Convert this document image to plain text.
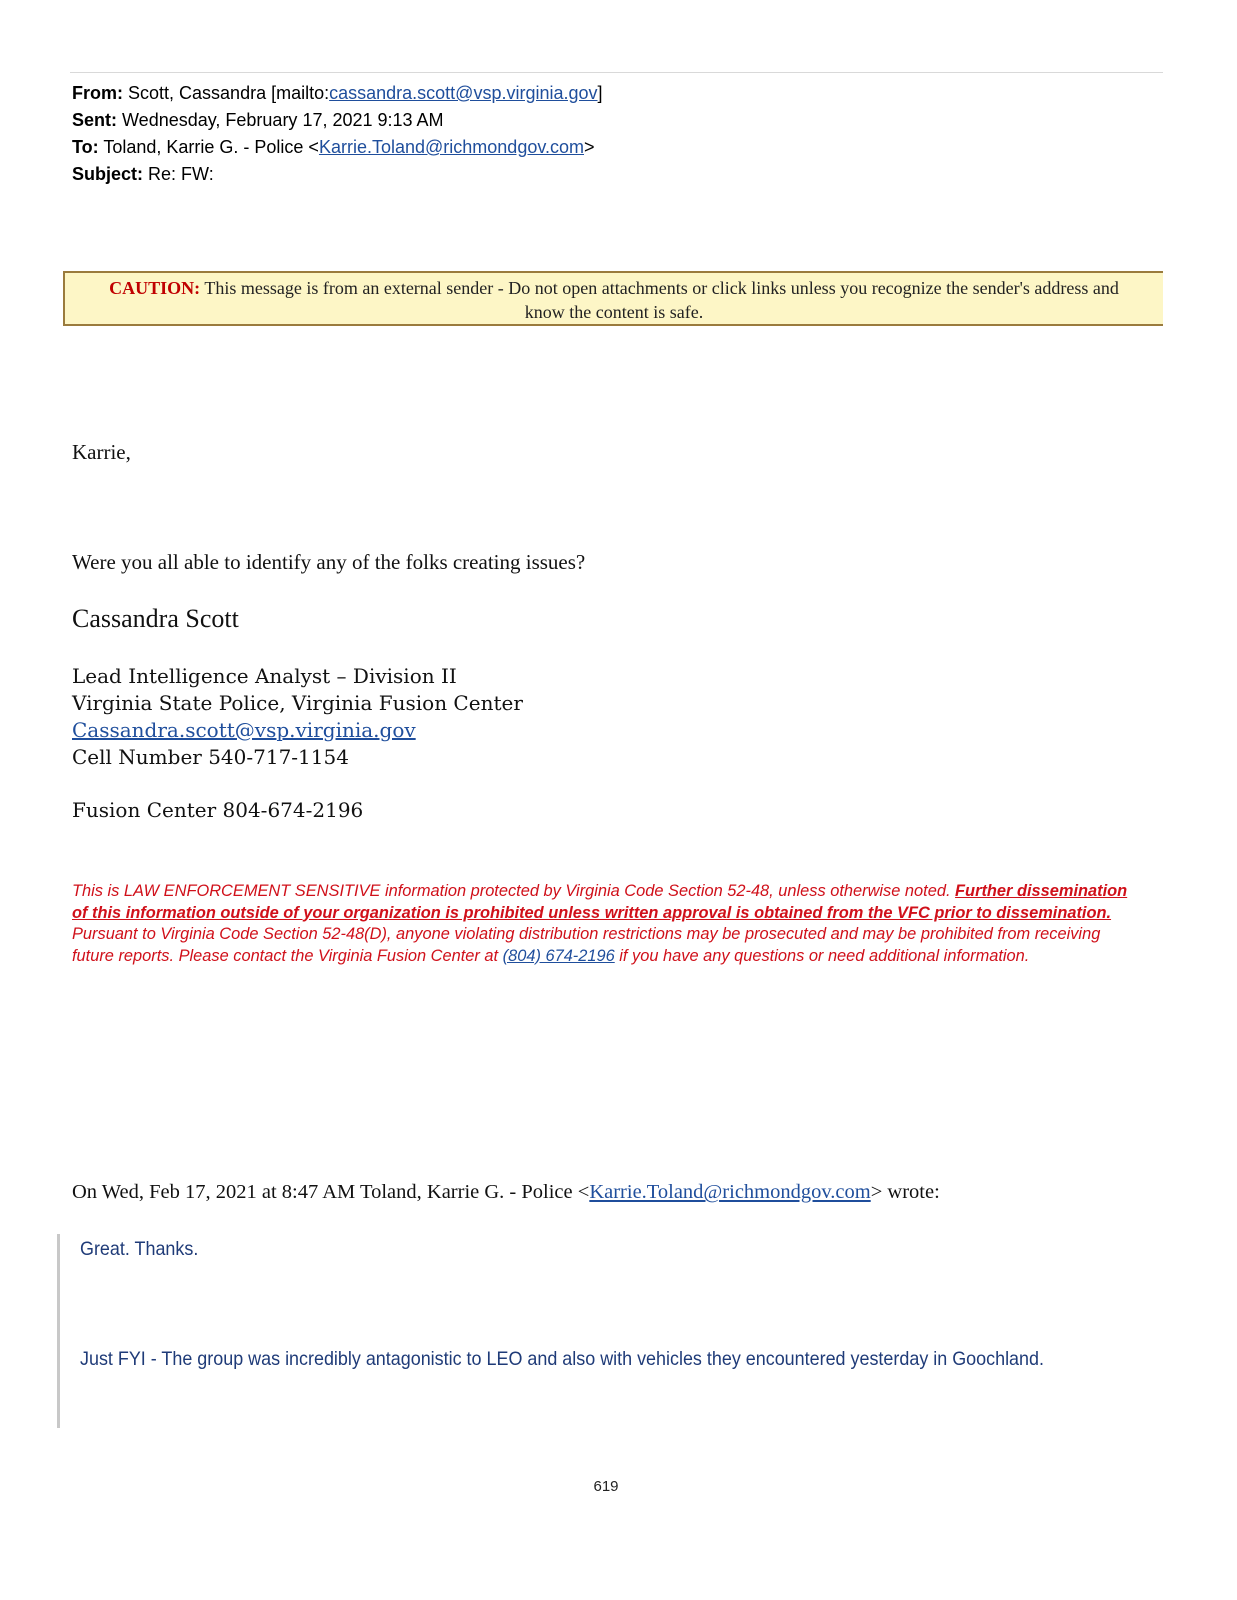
From: Scott, Cassandra [mailto:cassandra.scott@vsp.virginia.gov]
Sent: Wednesday, February 17, 2021 9:13 AM
To: Toland, Karrie G. - Police <Karrie.Toland@richmondgov.com>
Subject: Re: FW:
CAUTION: This message is from an external sender - Do not open attachments or click links unless you recognize the sender's address and know the content is safe.
Karrie,
Were you all able to identify any of the folks creating issues?
Cassandra Scott
Lead Intelligence Analyst – Division II
Virginia State Police, Virginia Fusion Center
Cassandra.scott@vsp.virginia.gov
Cell Number 540-717-1154
Fusion Center 804-674-2196
This is LAW ENFORCEMENT SENSITIVE information protected by Virginia Code Section 52-48, unless otherwise noted. Further dissemination of this information outside of your organization is prohibited unless written approval is obtained from the VFC prior to dissemination. Pursuant to Virginia Code Section 52-48(D), anyone violating distribution restrictions may be prosecuted and may be prohibited from receiving future reports. Please contact the Virginia Fusion Center at (804) 674-2196 if you have any questions or need additional information.
On Wed, Feb 17, 2021 at 8:47 AM Toland, Karrie G. - Police <Karrie.Toland@richmondgov.com> wrote:
Great. Thanks.
Just FYI - The group was incredibly antagonistic to LEO and also with vehicles they encountered yesterday in Goochland.
619
